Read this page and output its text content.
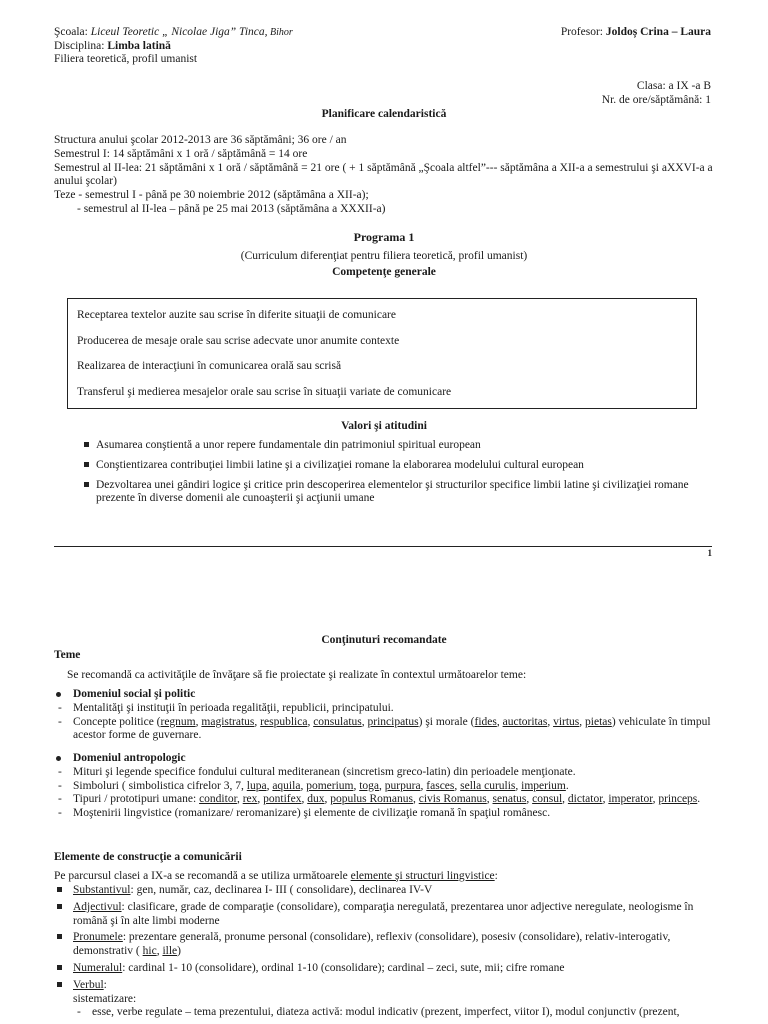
Şcoala: Liceul Teoretic „ Nicolae Jiga” Tinca, Bihor
Disciplina: Limba latină
Filiera teoretică, profil umanist
Profesor: Joldoș Crina – Laura
Clasa: a IX -a B
Nr. de ore/săptămână: 1
Planificare calendaristică
Structura anului şcolar 2012-2013 are 36 săptămâni; 36 ore / an
Semestrul I: 14 săptămâni x 1 oră / săptămână = 14 ore
Semestrul al II-lea: 21 săptămâni x 1 oră / săptămână = 21 ore ( + 1 săptămână „Şcoala altfel”--- săptămâna a XII-a a semestrului şi aXXVI-a a anului şcolar)
Teze - semestrul I - până pe 30 noiembrie 2012 (săptămâna a XII-a);
- semestrul al II-lea – până pe 25 mai 2013 (săptămâna a XXXII-a)
Programa 1
(Curriculum diferenţiat pentru filiera teoretică, profil umanist)
Competenţe generale
Receptarea textelor auzite sau scrise în diferite situaţii de comunicare
Producerea de mesaje orale sau scrise adecvate unor anumite contexte
Realizarea de interacţiuni în comunicarea orală sau scrisă
Transferul şi medierea mesajelor orale sau scrise în situaţii variate de comunicare
Valori şi atitudini
Asumarea conştientă a unor repere fundamentale din patrimoniul spiritual european
Conştientizarea contribuţiei limbii latine şi a civilizaţiei romane la elaborarea modelului cultural european
Dezvoltarea unei gândiri logice şi critice prin descoperirea elementelor şi structurilor specifice limbii latine şi civilizaţiei romane prezente în diverse domenii ale cunoaşterii şi acţiunii umane
1
Conţinuturi recomandate
Teme
Se recomandă ca activităţile de învăţare să fie proiectate şi realizate în contextul următoarelor teme:
Domeniul social şi politic
- Mentalităţi şi instituţii în perioada regalităţii, republicii, principatului.
- Concepte politice (regnum, magistratus, respublica, consulatus, principatus) şi morale (fides, auctoritas, virtus, pietas) vehiculate în timpul acestor forme de guvernare.
Domeniul antropologic
- Mituri şi legende specifice fondului cultural mediteranean (sincretism greco-latin) din perioadele menţionate.
- Simboluri ( simbolistica cifrelor 3, 7, lupa, aquila, pomerium, toga, purpura, fasces, sella curulis, imperium.
- Tipuri / prototipuri umane: conditor, rex, pontifex, dux, populus Romanus, civis Romanus, senatus, consul, dictator, imperator, princeps.
- Moştenirii lingvistice (romanizare/ reromanizare) şi elemente de civilizaţie romană în spaţiul românesc.
Elemente de construcţie a comunicării
Pe parcursul clasei a IX-a se recomandă a se utiliza următoarele elemente şi structuri lingvistice:
Substantivul: gen, număr, caz, declinarea I- III ( consolidare), declinarea IV-V
Adjectivul: clasificare, grade de comparaţie (consolidare), comparaţia neregulată, prezentarea unor adjective neregulate, neologisme în română şi în alte limbi moderne
Pronumele: prezentare generală, pronume personal (consolidare), reflexiv (consolidare), posesiv (consolidare), relativ-interogativ, demonstrativ ( hic, ille)
Numeralul: cardinal 1- 10 (consolidare), ordinal 1-10 (consolidare); cardinal – zeci, sute, mii; cifre romane
Verbul:
sistematizare:
- esse, verbe regulate – tema prezentului, diateza activă: modul indicativ (prezent, imperfect, viitor I), modul conjunctiv (prezent,
